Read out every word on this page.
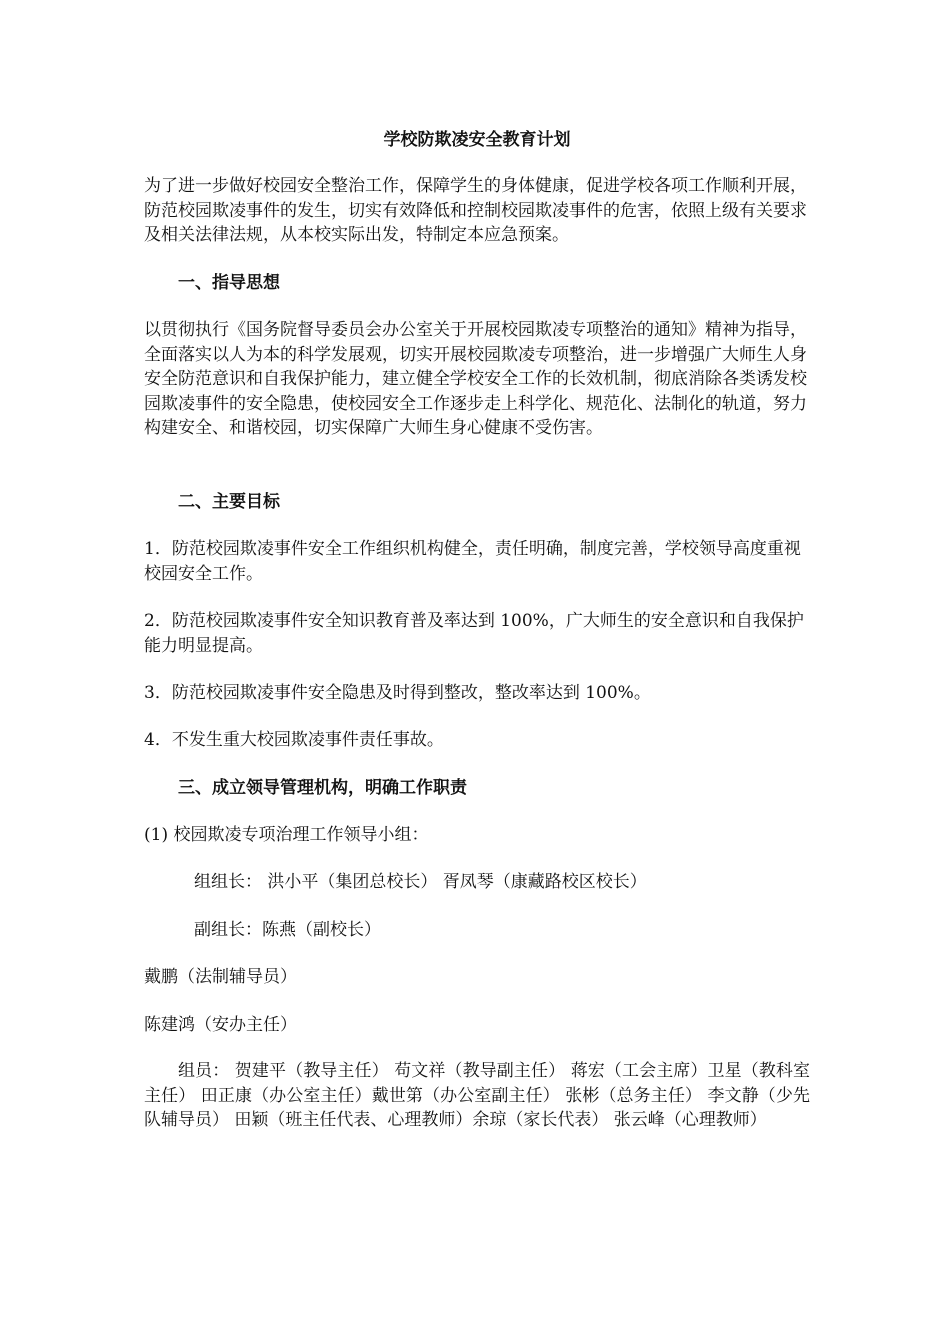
学校防欺凌安全教育计划

为了进一步做好校园安全整治工作，保障学生的身体健康，促进学校各项工作顺利开展，防范校园欺凌事件的发生，切实有效降低和控制校园欺凌事件的危害，依照上级有关要求及相关法律法规，从本校实际出发，特制定本应急预案。

一、指导思想

以贯彻执行《国务院督导委员会办公室关于开展校园欺凌专项整治的通知》精神为指导，全面落实以人为本的科学发展观，切实开展校园欺凌专项整治，进一步增强广大师生人身安全防范意识和自我保护能力，建立健全学校安全工作的长效机制，彻底消除各类诱发校园欺凌事件的安全隐患，使校园安全工作逐步走上科学化、规范化、法制化的轨道，努力构建安全、和谐校园，切实保障广大师生身心健康不受伤害。

二、主要目标

1．防范校园欺凌事件安全工作组织机构健全，责任明确，制度完善，学校领导高度重视校园安全工作。

2．防范校园欺凌事件安全知识教育普及率达到 100%，广大师生的安全意识和自我保护能力明显提高。

3．防范校园欺凌事件安全隐患及时得到整改，整改率达到 100%。

4．不发生重大校园欺凌事件责任事故。

三、成立领导管理机构，明确工作职责

(1) 校园欺凌专项治理工作领导小组：

组组长： 洪小平（集团总校长） 胥凤琴（康藏路校区校长）

副组长：陈燕（副校长）

戴鹏（法制辅导员）

陈建鸿（安办主任）

组员： 贺建平（教导主任） 苟文祥（教导副主任） 蒋宏（工会主席）卫星（教科室主任） 田正康（办公室主任）戴世第（办公室副主任） 张彬（总务主任） 李文静（少先队辅导员） 田颖（班主任代表、心理教师）余琼（家长代表） 张云峰（心理教师）
